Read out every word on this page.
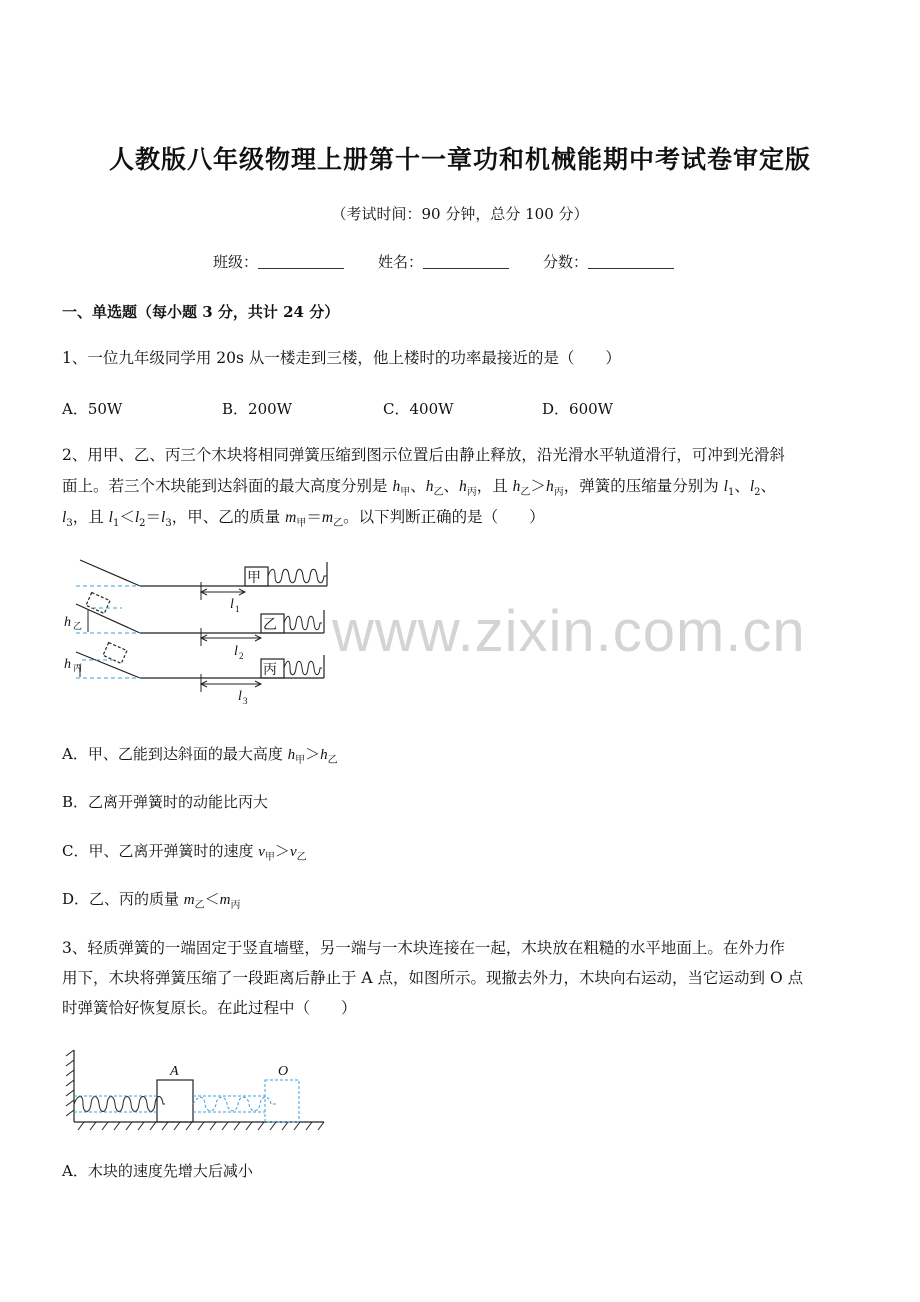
人教版八年级物理上册第十一章功和机械能期中考试卷审定版
（考试时间：90 分钟，总分 100 分）
班级：	姓名：	分数：
一、单选题（每小题 3 分，共计 24 分）
1、一位九年级同学用 20s 从一楼走到三楼，他上楼时的功率最接近的是（　　）
A．50W	B．200W	C．400W	D．600W
2、用甲、乙、丙三个木块将相同弹簧压缩到图示位置后由静止释放，沿光滑水平轨道滑行，可冲到光滑斜
面上。若三个木块能到达斜面的最大高度分别是 $h_甲$、$h_乙$、$h_丙$，且 $h_乙>h_丙$，弹簧的压缩量分别为 $l_1$、$l_2$、
$l_3$，且 $l_1<l_2=l_3$，甲、乙的质量 $m_甲=m_乙$。以下判断正确的是（　　）
甲
乙
丙
h 乙
h 丙
l 1
l 2
l 3
www.zixin.com.cn
A．甲、乙能到达斜面的最大高度 $h_甲>h_乙$
B．乙离开弹簧时的动能比丙大
C．甲、乙离开弹簧时的速度 $v_甲>v_乙$
D．乙、丙的质量 $m_乙<m_丙$
3、轻质弹簧的一端固定于竖直墙壁，另一端与一木块连接在一起，木块放在粗糙的水平地面上。在外力作
用下，木块将弹簧压缩了一段距离后静止于 A 点，如图所示。现撤去外力，木块向右运动，当它运动到 O 点
时弹簧恰好恢复原长。在此过程中（　　）
A	O
A．木块的速度先增大后减小
